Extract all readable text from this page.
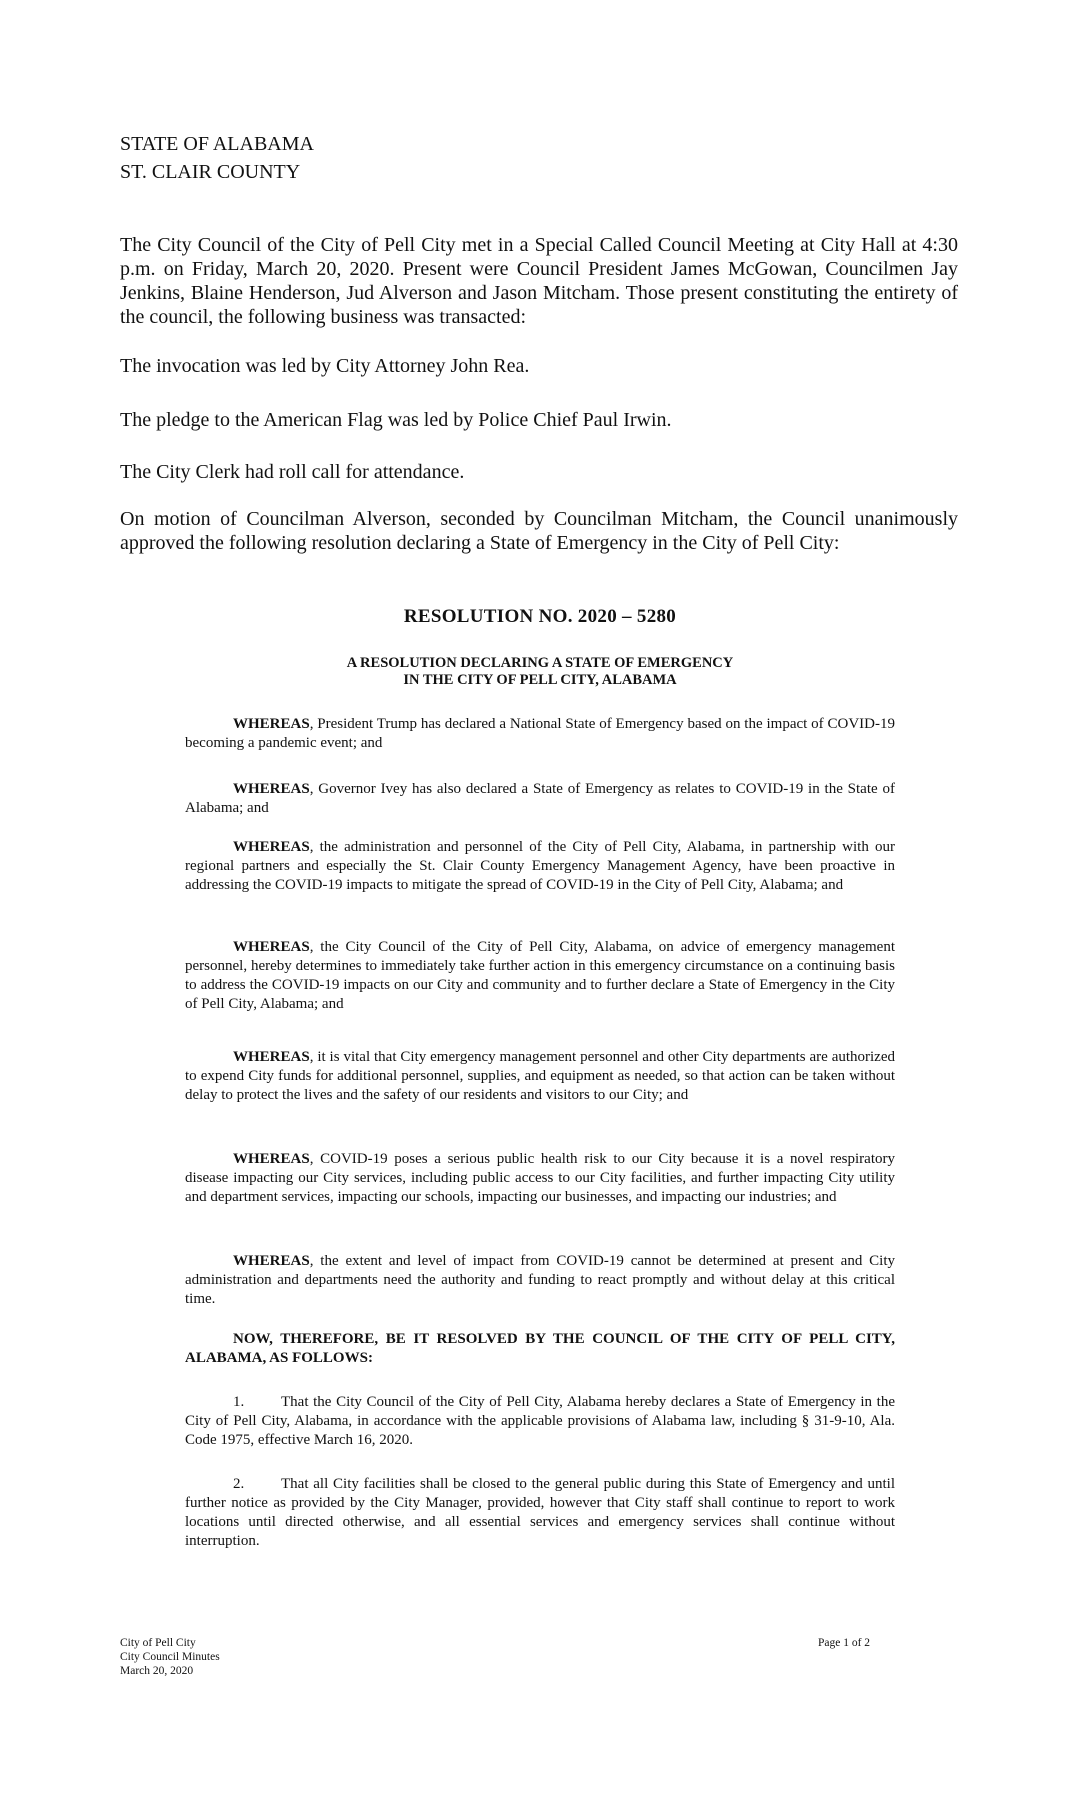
STATE OF ALABAMA
ST. CLAIR COUNTY
The City Council of the City of Pell City met in a Special Called Council Meeting at City Hall at 4:30 p.m. on Friday, March 20, 2020. Present were Council President James McGowan, Councilmen Jay Jenkins, Blaine Henderson, Jud Alverson and Jason Mitcham. Those present constituting the entirety of the council, the following business was transacted:
The invocation was led by City Attorney John Rea.
The pledge to the American Flag was led by Police Chief Paul Irwin.
The City Clerk had roll call for attendance.
On motion of Councilman Alverson, seconded by Councilman Mitcham, the Council unanimously approved the following resolution declaring a State of Emergency in the City of Pell City:
RESOLUTION NO. 2020 – 5280
A RESOLUTION DECLARING A STATE OF EMERGENCY
IN THE CITY OF PELL CITY, ALABAMA
WHEREAS, President Trump has declared a National State of Emergency based on the impact of COVID-19 becoming a pandemic event; and
WHEREAS, Governor Ivey has also declared a State of Emergency as relates to COVID-19 in the State of Alabama; and
WHEREAS, the administration and personnel of the City of Pell City, Alabama, in partnership with our regional partners and especially the St. Clair County Emergency Management Agency, have been proactive in addressing the COVID-19 impacts to mitigate the spread of COVID-19 in the City of Pell City, Alabama; and
WHEREAS, the City Council of the City of Pell City, Alabama, on advice of emergency management personnel, hereby determines to immediately take further action in this emergency circumstance on a continuing basis to address the COVID-19 impacts on our City and community and to further declare a State of Emergency in the City of Pell City, Alabama; and
WHEREAS, it is vital that City emergency management personnel and other City departments are authorized to expend City funds for additional personnel, supplies, and equipment as needed, so that action can be taken without delay to protect the lives and the safety of our residents and visitors to our City; and
WHEREAS, COVID-19 poses a serious public health risk to our City because it is a novel respiratory disease impacting our City services, including public access to our City facilities, and further impacting City utility and department services, impacting our schools, impacting our businesses, and impacting our industries; and
WHEREAS, the extent and level of impact from COVID-19 cannot be determined at present and City administration and departments need the authority and funding to react promptly and without delay at this critical time.
NOW, THEREFORE, BE IT RESOLVED BY THE COUNCIL OF THE CITY OF PELL CITY, ALABAMA, AS FOLLOWS:
1. That the City Council of the City of Pell City, Alabama hereby declares a State of Emergency in the City of Pell City, Alabama, in accordance with the applicable provisions of Alabama law, including § 31-9-10, Ala. Code 1975, effective March 16, 2020.
2. That all City facilities shall be closed to the general public during this State of Emergency and until further notice as provided by the City Manager, provided, however that City staff shall continue to report to work locations until directed otherwise, and all essential services and emergency services shall continue without interruption.
City of Pell City
City Council Minutes
March 20, 2020
Page 1 of 2
